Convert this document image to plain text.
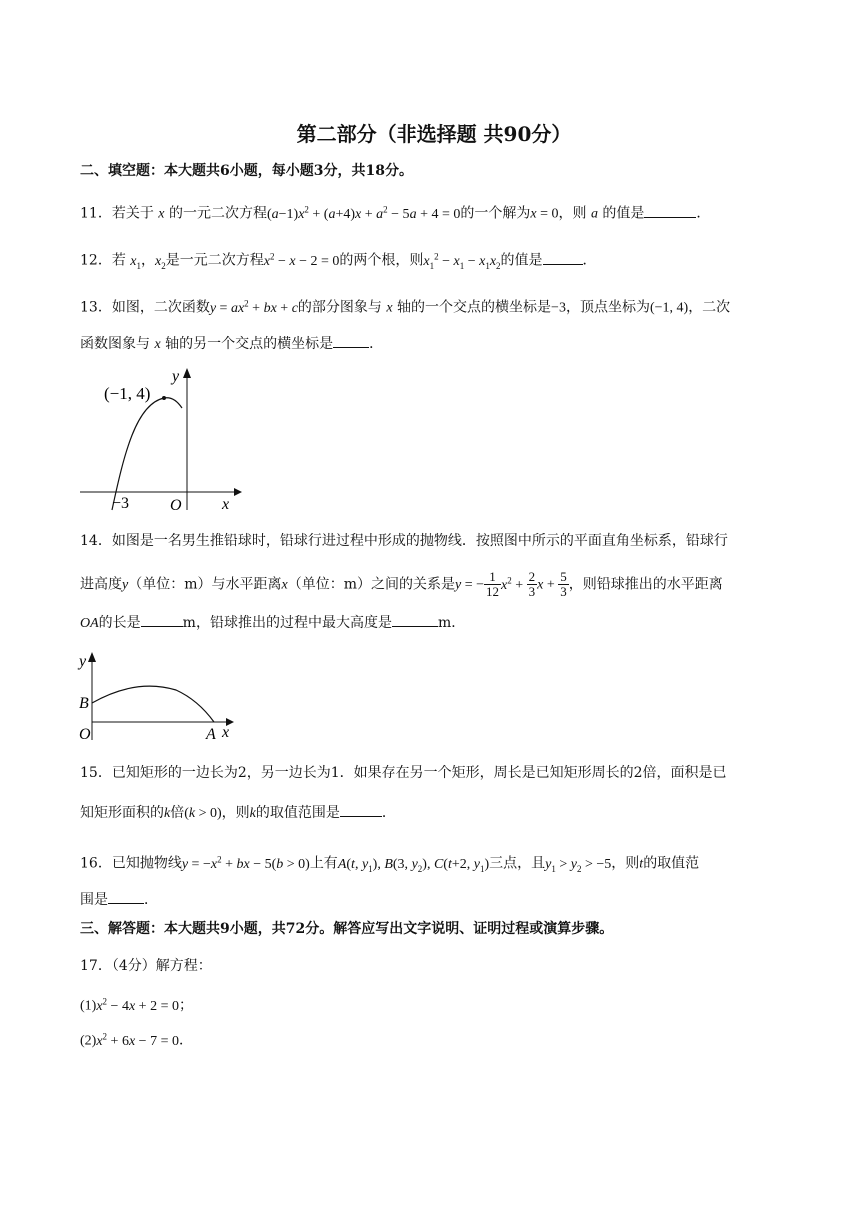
第二部分（非选择题 共90分）
二、填空题：本大题共6小题，每小题3分，共18分。
11．若关于 x 的一元二次方程$(a-1)x^2 + (a+4)x + a^2 - 5a + 4 = 0$的一个解为x = 0，则 a 的值是	．
12．若 $x_1$，$x_2$是一元二次方程$x^2 - x - 2 = 0$的两个根，则$x_1^2 - x_1 - x_1x_2$的值是	．
13．如图，二次函数$y = ax^2$ + bx + c的部分图象与 x 轴的一个交点的横坐标是−3，顶点坐标为(−1, 4)，二次
函数图象与 x 轴的另一个交点的横坐标是	．
(−1, 4)
y
x
O
−3
14．如图是一名男生推铅球时，铅球行进过程中形成的抛物线．按照图中所示的平面直角坐标系，铅球行
进高度y（单位：m）与水平距离x（单位：m）之间的关系是y = − $\frac{1}{12} x^2 + \frac{2}{3}$ $x + \frac{5}{3}$ ，则铅球推出的水平距离
OA的长是	m，铅球推出的过程中最大高度是	m．
y
x
B
O	A
15．已知矩形的一边长为2，另一边长为1．如果存在另一个矩形，周长是已知矩形周长的2倍，面积是已
知矩形面积的k倍(k > 0)，则k的取值范围是	．
16．已知抛物线$y = -x^2$ + bx − 5(b > 0)上有A(t, $y_1$), B(3, $y_2$), C(t+2, $y_1$)三点，且$y_1 > y_2 > -5$，则t的取值范
围是	．
三、解答题：本大题共9小题，共72分。解答应写出文字说明、证明过程或演算步骤。
17．（4分）解方程：
$(1)x^2 - 4x + 2 = 0$；
$(2)x^2 + 6x - 7 = 0$．
